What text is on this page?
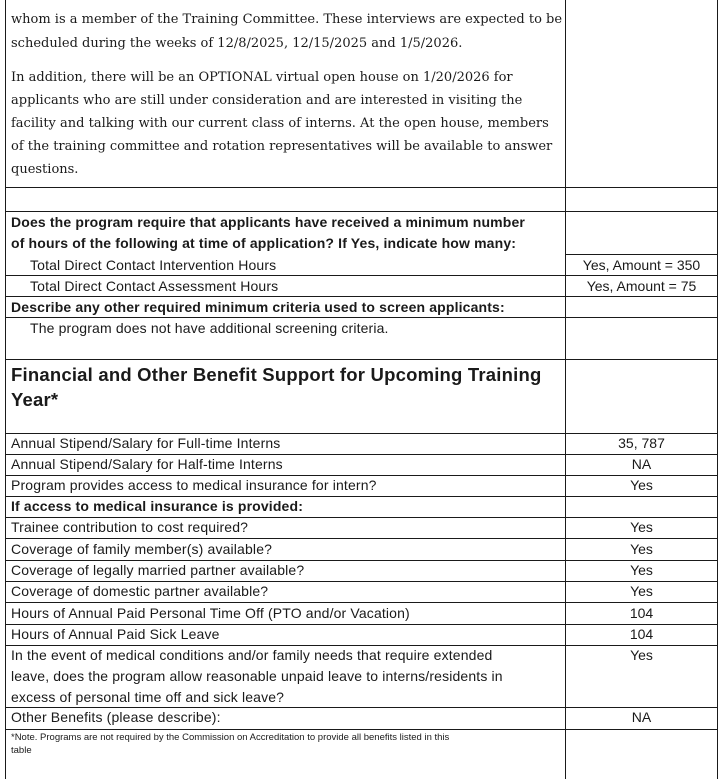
whom is a member of the Training Committee. These interviews are expected to be
scheduled during the weeks of 12/8/2025, 12/15/2025 and 1/5/2026.
In addition, there will be an OPTIONAL virtual open house on 1/20/2026 for
applicants who are still under consideration and are interested in visiting the
facility and talking with our current class of interns. At the open house, members
of the training committee and rotation representatives will be available to answer
questions.
Does the program require that applicants have received a minimum number
of hours of the following at time of application? If Yes, indicate how many:
Total Direct Contact Intervention Hours	Yes, Amount = 350
Total Direct Contact Assessment Hours	Yes, Amount = 75
Describe any other required minimum criteria used to screen applicants:
The program does not have additional screening criteria.
Financial and Other Benefit Support for Upcoming Training
Year*
Annual Stipend/Salary for Full-time Interns	35, 787
Annual Stipend/Salary for Half-time Interns	NA
Program provides access to medical insurance for intern?	Yes
If access to medical insurance is provided:
Trainee contribution to cost required?	Yes
Coverage of family member(s) available?	Yes
Coverage of legally married partner available?	Yes
Coverage of domestic partner available?	Yes
Hours of Annual Paid Personal Time Off (PTO and/or Vacation)	104
Hours of Annual Paid Sick Leave	104
In the event of medical conditions and/or family needs that require extended
leave, does the program allow reasonable unpaid leave to interns/residents in
excess of personal time off and sick leave?
Yes
Other Benefits (please describe):	NA
*Note. Programs are not required by the Commission on Accreditation to provide all benefits listed in this
table
